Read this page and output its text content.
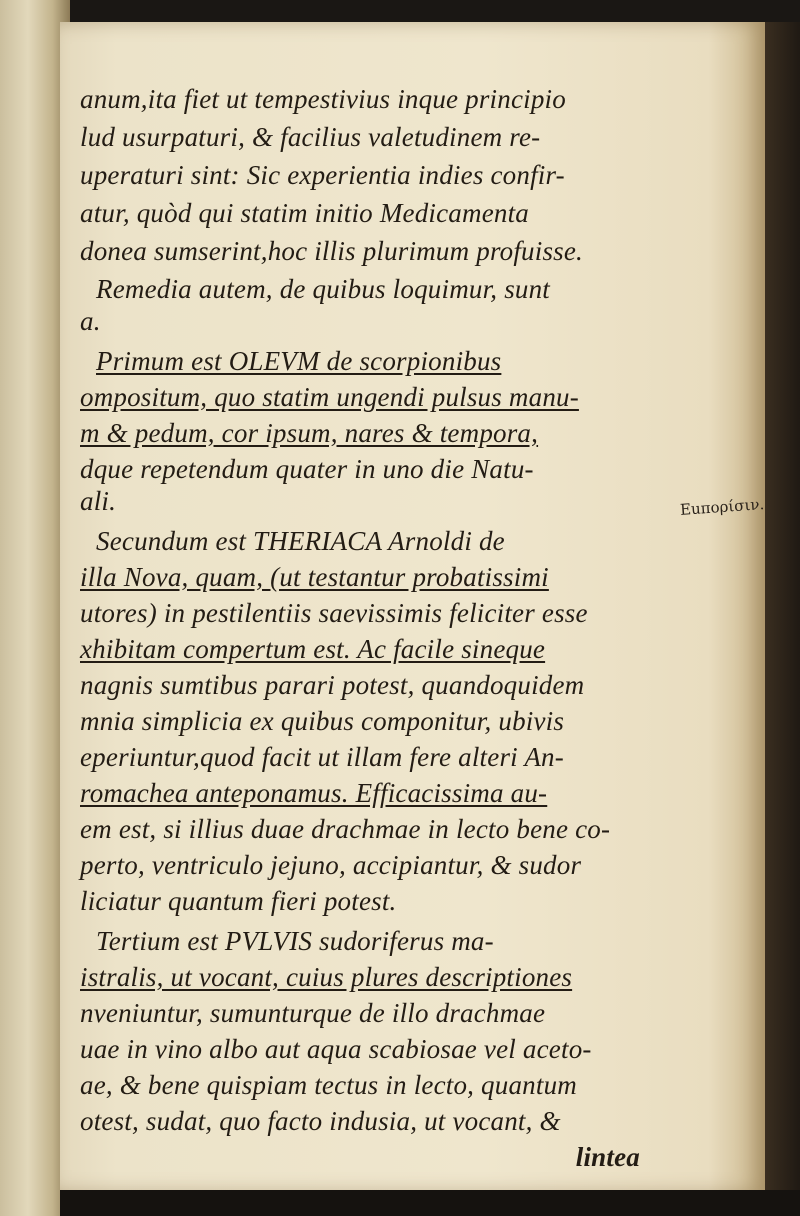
anum,ita fiet ut tempestivius inque principio
lud usurpaturi, & facilius valetudinem re-
uperaturi sint: Sic experientia indies confir-
atur, quòd qui statim initio Medicamenta
donea sumserint,hoc illis plurimum profuisse.
Remedia autem, de quibus loquimur, sunt
a.
Primum est OLEVM de scorpionibus
ompositum, quo statim ungendi pulsus manu-
m & pedum, cor ipsum, nares & tempora,
dque repetendum quater in uno die Natu-
ali.
Secundum est THERIACA Arnoldi de
illa Nova, quam, (ut testantur probatissimi
utores) in pestilentiis saevissimis feliciter esse
xhibitam compertum est. Ac facile sineque
nagnis sumtibus parari potest, quandoquidem
mnia simplicia ex quibus componitur, ubivis
eperiuntur,quod facit ut illam fere alteri An-
romachea anteponamus. Efficacissima au-
em est, si illius duae drachmae in lecto bene co-
perto, ventriculo jejuno, accipiantur, & sudor
liciatur quantum fieri potest.
Tertium est PVLVIS sudoriferus ma-
istralis, ut vocant, cuius plures descriptiones
nveniuntur, sumunturque de illo drachmae
uae in vino albo aut aqua scabiosae vel aceto-
ae, & bene quispiam tectus in lecto, quantum
otest, sudat, quo facto indusia, ut vocant, &
lintea
Euπορίσιν.
